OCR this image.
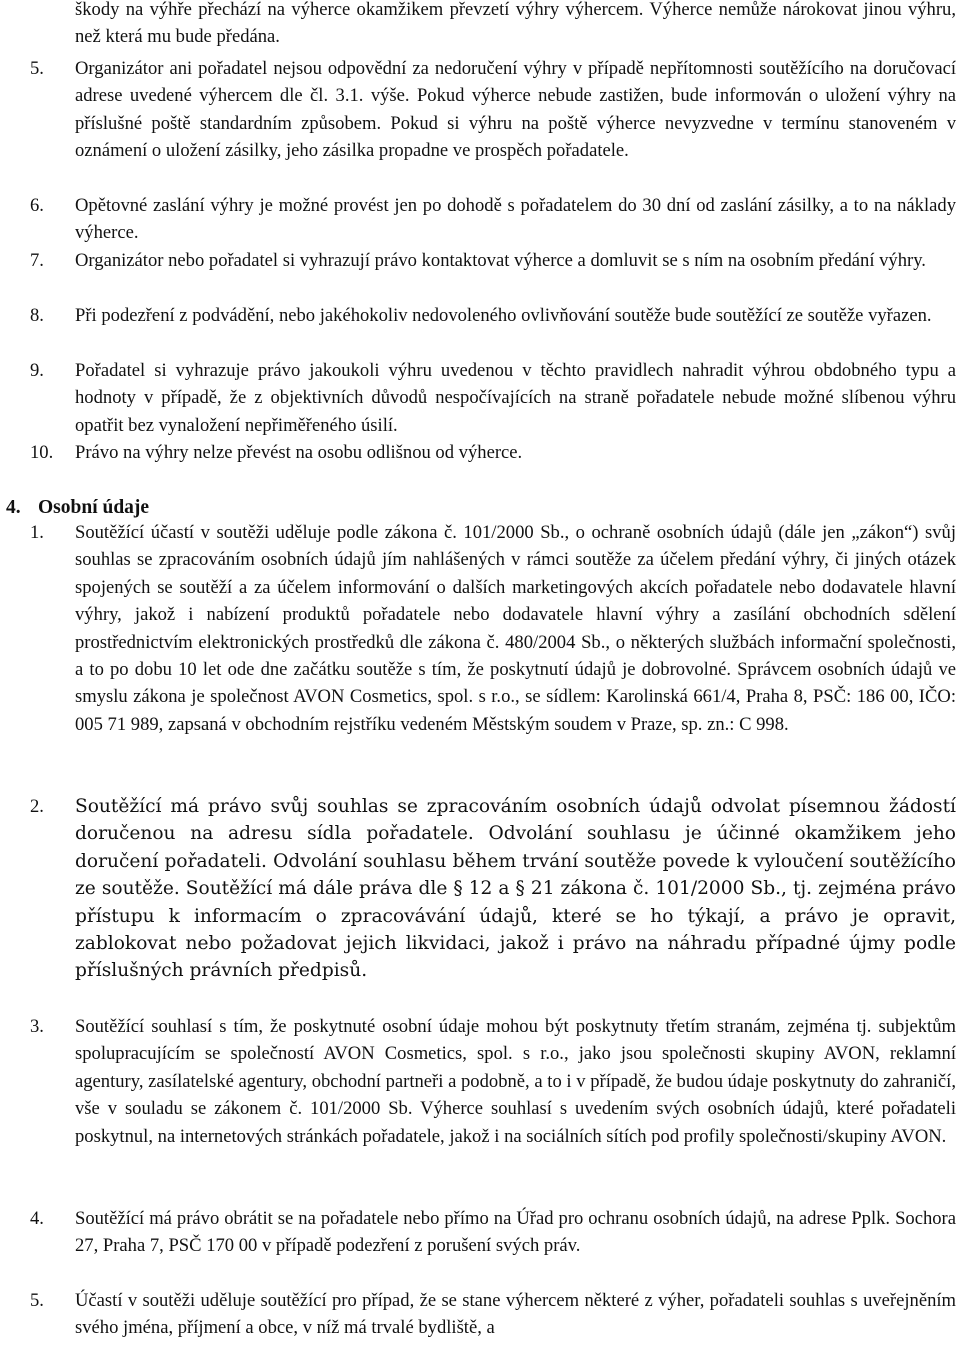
škody na výhře přechází na výherce okamžikem převzetí výhry výhercem. Výherce nemůže nárokovat jinou výhru, než která mu bude předána.

5. Organizátor ani pořadatel nejsou odpovědní za nedoručení výhry v případě nepřítomnosti soutěžícího na doručovací adrese uvedené výhercem dle čl. 3.1. výše. Pokud výherce nebude zastižen, bude informován o uložení výhry na příslušné poště standardním způsobem. Pokud si výhru na poště výherce nevyzvedne v termínu stanoveném v oznámení o uložení zásilky, jeho zásilka propadne ve prospěch pořadatele.
6. Opětovné zaslání výhry je možné provést jen po dohodě s pořadatelem do 30 dní od zaslání zásilky, a to na náklady výherce.
7. Organizátor nebo pořadatel si vyhrazují právo kontaktovat výherce a domluvit se s ním na osobním předání výhry.
8. Při podezření z podvádění, nebo jakéhokoliv nedovoleného ovlivňování soutěže bude soutěžící ze soutěže vyřazen.
9. Pořadatel si vyhrazuje právo jakoukoli výhru uvedenou v těchto pravidlech nahradit výhrou obdobného typu a hodnoty v případě, že z objektivních důvodů nespočívajících na straně pořadatele nebude možné slíbenou výhru opatřit bez vynaložení nepřiměřeného úsilí.
10. Právo na výhry nelze převést na osobu odlišnou od výherce.
4. Osobní údaje
1. Soutěžící účastí v soutěži uděluje podle zákona č. 101/2000 Sb., o ochraně osobních údajů (dále jen „zákon“) svůj souhlas se zpracováním osobních údajů jím nahlášených v rámci soutěže za účelem předání výhry, či jiných otázek spojených se soutěží a za účelem informování o dalších marketingových akcích pořadatele nebo dodavatele hlavní výhry, jakož i nabízení produktů pořadatele nebo dodavatele hlavní výhry a zasílání obchodních sdělení prostřednictvím elektronických prostředků dle zákona č. 480/2004 Sb., o některých službách informační společnosti, a to po dobu 10 let ode dne začátku soutěže s tím, že poskytnutí údajů je dobrovolné. Správcem osobních údajů ve smyslu zákona je společnost AVON Cosmetics, spol. s r.o., se sídlem: Karolinská 661/4, Praha 8, PSČ: 186 00, IČO: 005 71 989, zapsaná v obchodním rejstříku vedeném Městským soudem v Praze, sp. zn.: C 998.
2. Soutěžící má právo svůj souhlas se zpracováním osobních údajů odvolat písemnou žádostí doručenou na adresu sídla pořadatele. Odvolání souhlasu je účinné okamžikem jeho doručení pořadateli. Odvolání souhlasu během trvání soutěže povede k vyloučení soutěžícího ze soutěže. Soutěžící má dále práva dle § 12 a § 21 zákona č. 101/2000 Sb., tj. zejména právo přístupu k informacím o zpracovávání údajů, které se ho týkají, a právo je opravit, zablokovat nebo požadovat jejich likvidaci, jakož i právo na náhradu případné újmy podle příslušných právních předpisů.
3. Soutěžící souhlasí s tím, že poskytnuté osobní údaje mohou být poskytnuty třetím stranám, zejména tj. subjektům spolupracujícím se společností AVON Cosmetics, spol. s r.o., jako jsou společnosti skupiny AVON, reklamní agentury, zasílatelské agentury, obchodní partneři a podobně, a to i v případě, že budou údaje poskytnuty do zahraničí, vše v souladu se zákonem č. 101/2000 Sb. Výherce souhlasí s uvedením svých osobních údajů, které pořadateli poskytnul, na internetových stránkách pořadatele, jakož i na sociálních sítích pod profily společnosti/skupiny AVON.
4. Soutěžící má právo obrátit se na pořadatele nebo přímo na Úřad pro ochranu osobních údajů, na adrese Pplk. Sochora 27, Praha 7, PSČ 170 00 v případě podezření z porušení svých práv.
5. Účastí v soutěži uděluje soutěžící pro případ, že se stane výhercem některé z výher, pořadateli souhlas s uveřejněním svého jména, příjmení a obce, v níž má trvalé bydliště, a
